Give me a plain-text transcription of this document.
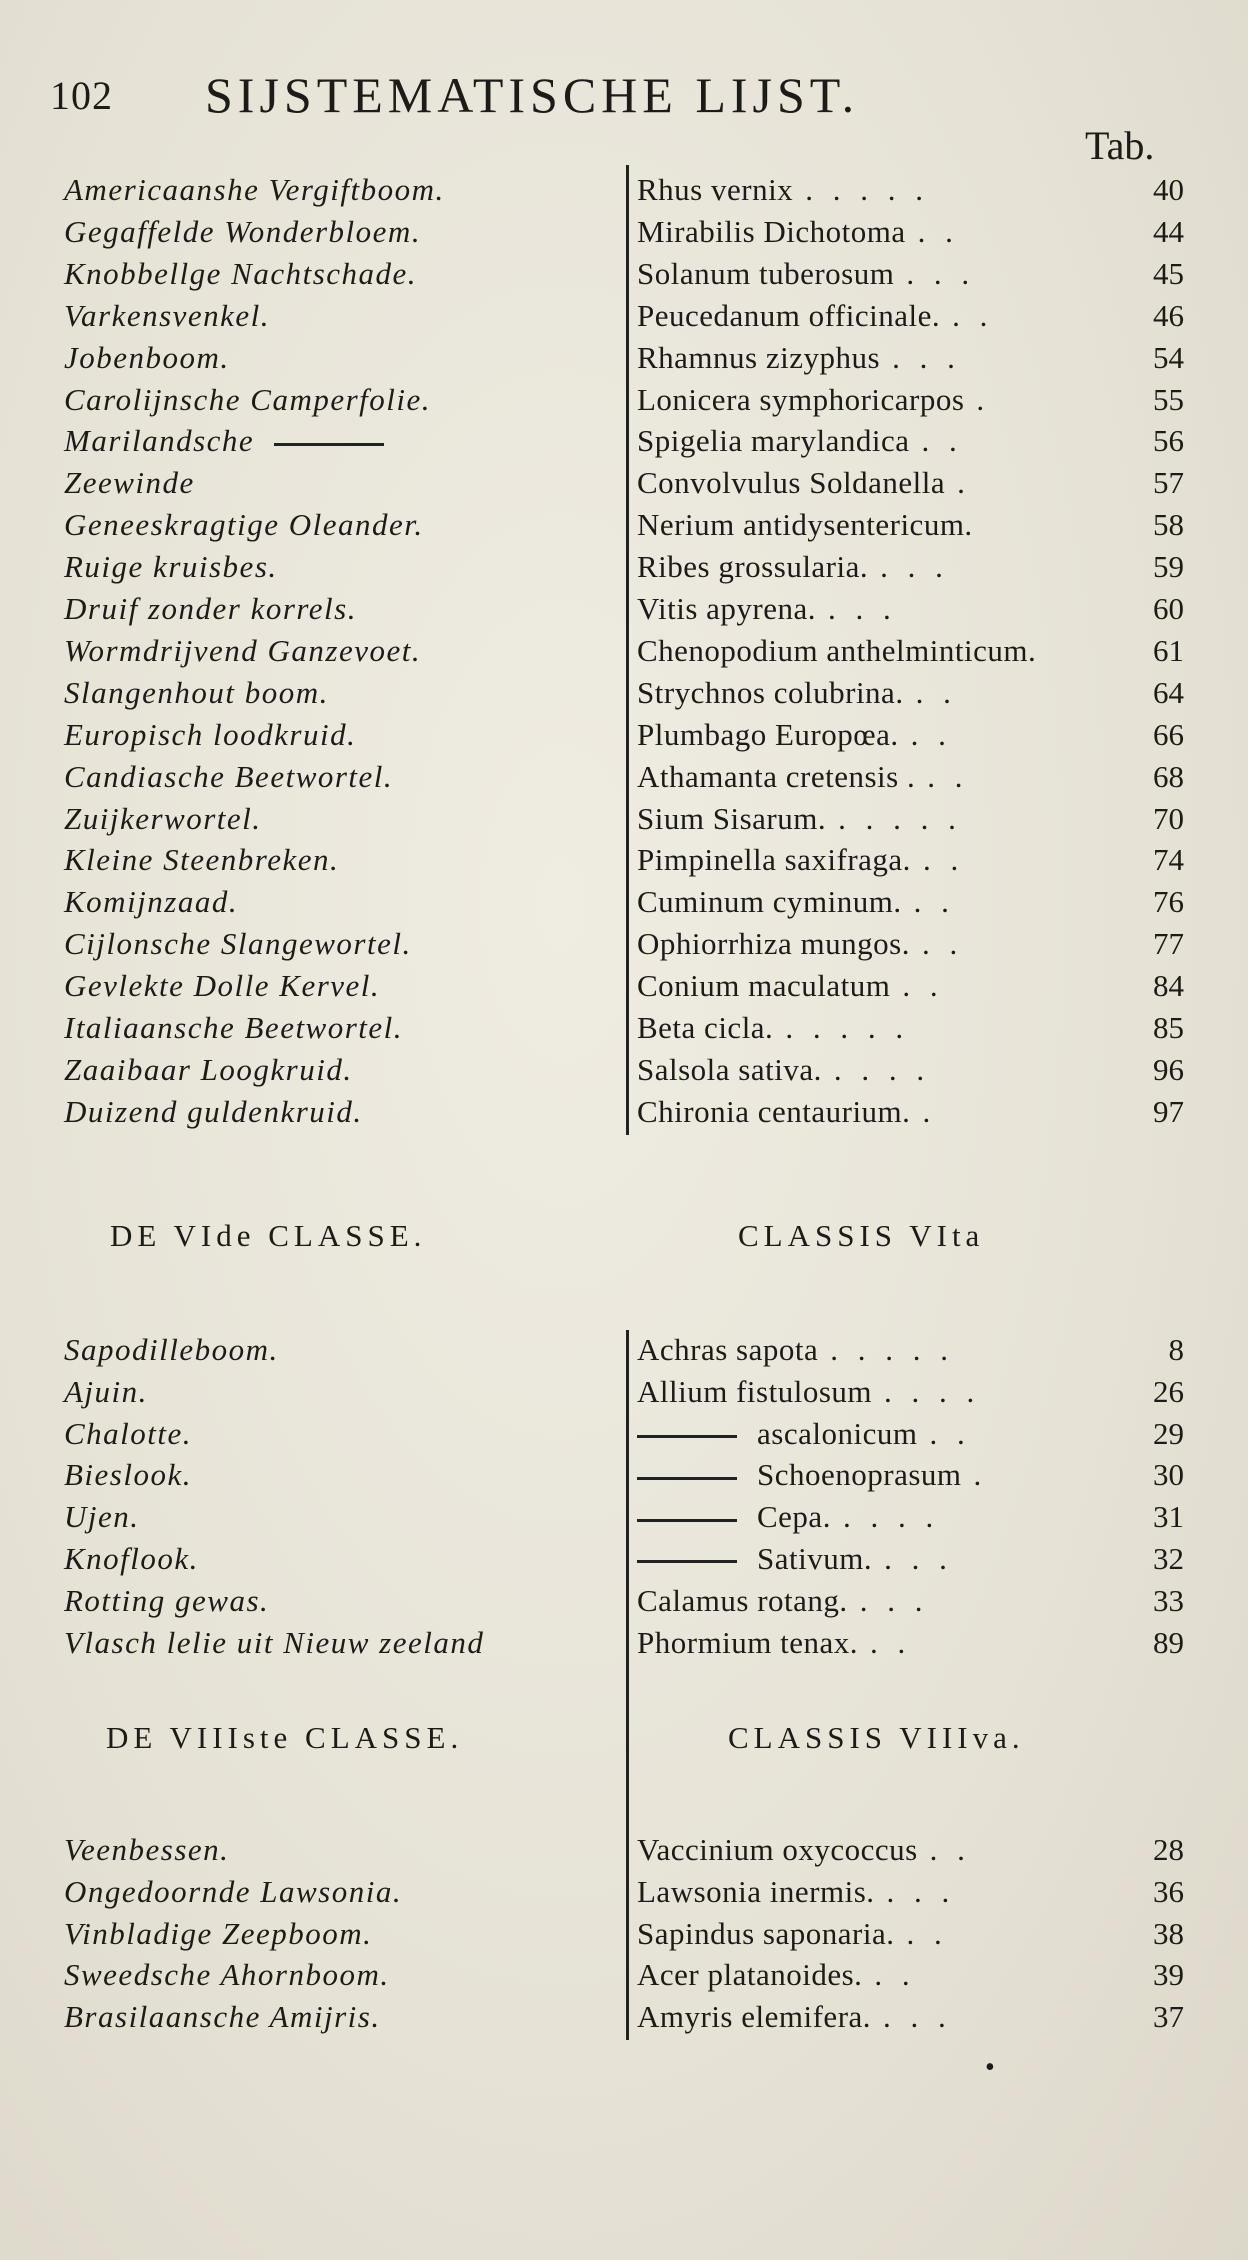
102 SIJSTEMATISCHE LIJST.
Tab.
Americaanshe Vergiftboom.	Rhus vernix . . . . .	40
Gegaffelde Wonderbloem.	Mirabilis Dichotoma . .	44
Knobbellge Nachtschade.	Solanum tuberosum . . .	45
Varkensvenkel.	Peucedanum officinale. . .	46
Jobenboom.	Rhamnus zizyphus . . .	54
Carolijnsche Camperfolie.	Lonicera symphoricarpos .	55
Marilandsche	Spigelia marylandica . .	56
Zeewinde	Convolvulus Soldanella .	57
Geneeskragtige Oleander.	Nerium antidysentericum.	58
Ruige kruisbes.	Ribes grossularia. . . .	59
Druif zonder korrels.	Vitis apyrena. . . .	60
Wormdrijvend Ganzevoet.	Chenopodium anthelminticum.	61
Slangenhout boom.	Strychnos colubrina. . .	64
Europisch loodkruid.	Plumbago Europœa. . .	66
Candiasche Beetwortel.	Athamanta cretensis . . .	68
Zuijkerwortel.	Sium Sisarum. . . . . .	70
Kleine Steenbreken.	Pimpinella saxifraga. . .	74
Komijnzaad.	Cuminum cyminum. . .	76
Cijlonsche Slangewortel.	Ophiorrhiza mungos. . .	77
Gevlekte Dolle Kervel.	Conium maculatum . .	84
Italiaansche Beetwortel.	Beta cicla. . . . . .	85
Zaaibaar Loogkruid.	Salsola sativa. . . . .	96
Duizend guldenkruid.	Chironia centaurium. .	97
DE VIde CLASSE.	CLASSIS VIta
Sapodilleboom.	Achras sapota . . . . .	8
Ajuin.	Allium fistulosum . . . .	26
Chalotte.	ascalonicum . .	29
Bieslook.	Schoenoprasum .	30
Ujen.	Cepa. . . . .	31
Knoflook.	Sativum. . . .	32
Rotting gewas.	Calamus rotang. . . .	33
Vlasch lelie uit Nieuw zeeland	Phormium tenax. . .	89
DE VIIIste CLASSE.	CLASSIS VIIIva.
Veenbessen.	Vaccinium oxycoccus . .	28
Ongedoornde Lawsonia.	Lawsonia inermis. . . .	36
Vinbladige Zeepboom.	Sapindus saponaria. . .	38
Sweedsche Ahornboom.	Acer platanoides. . .	39
Brasilaansche Amijris.	Amyris elemifera. . . .	37
•
